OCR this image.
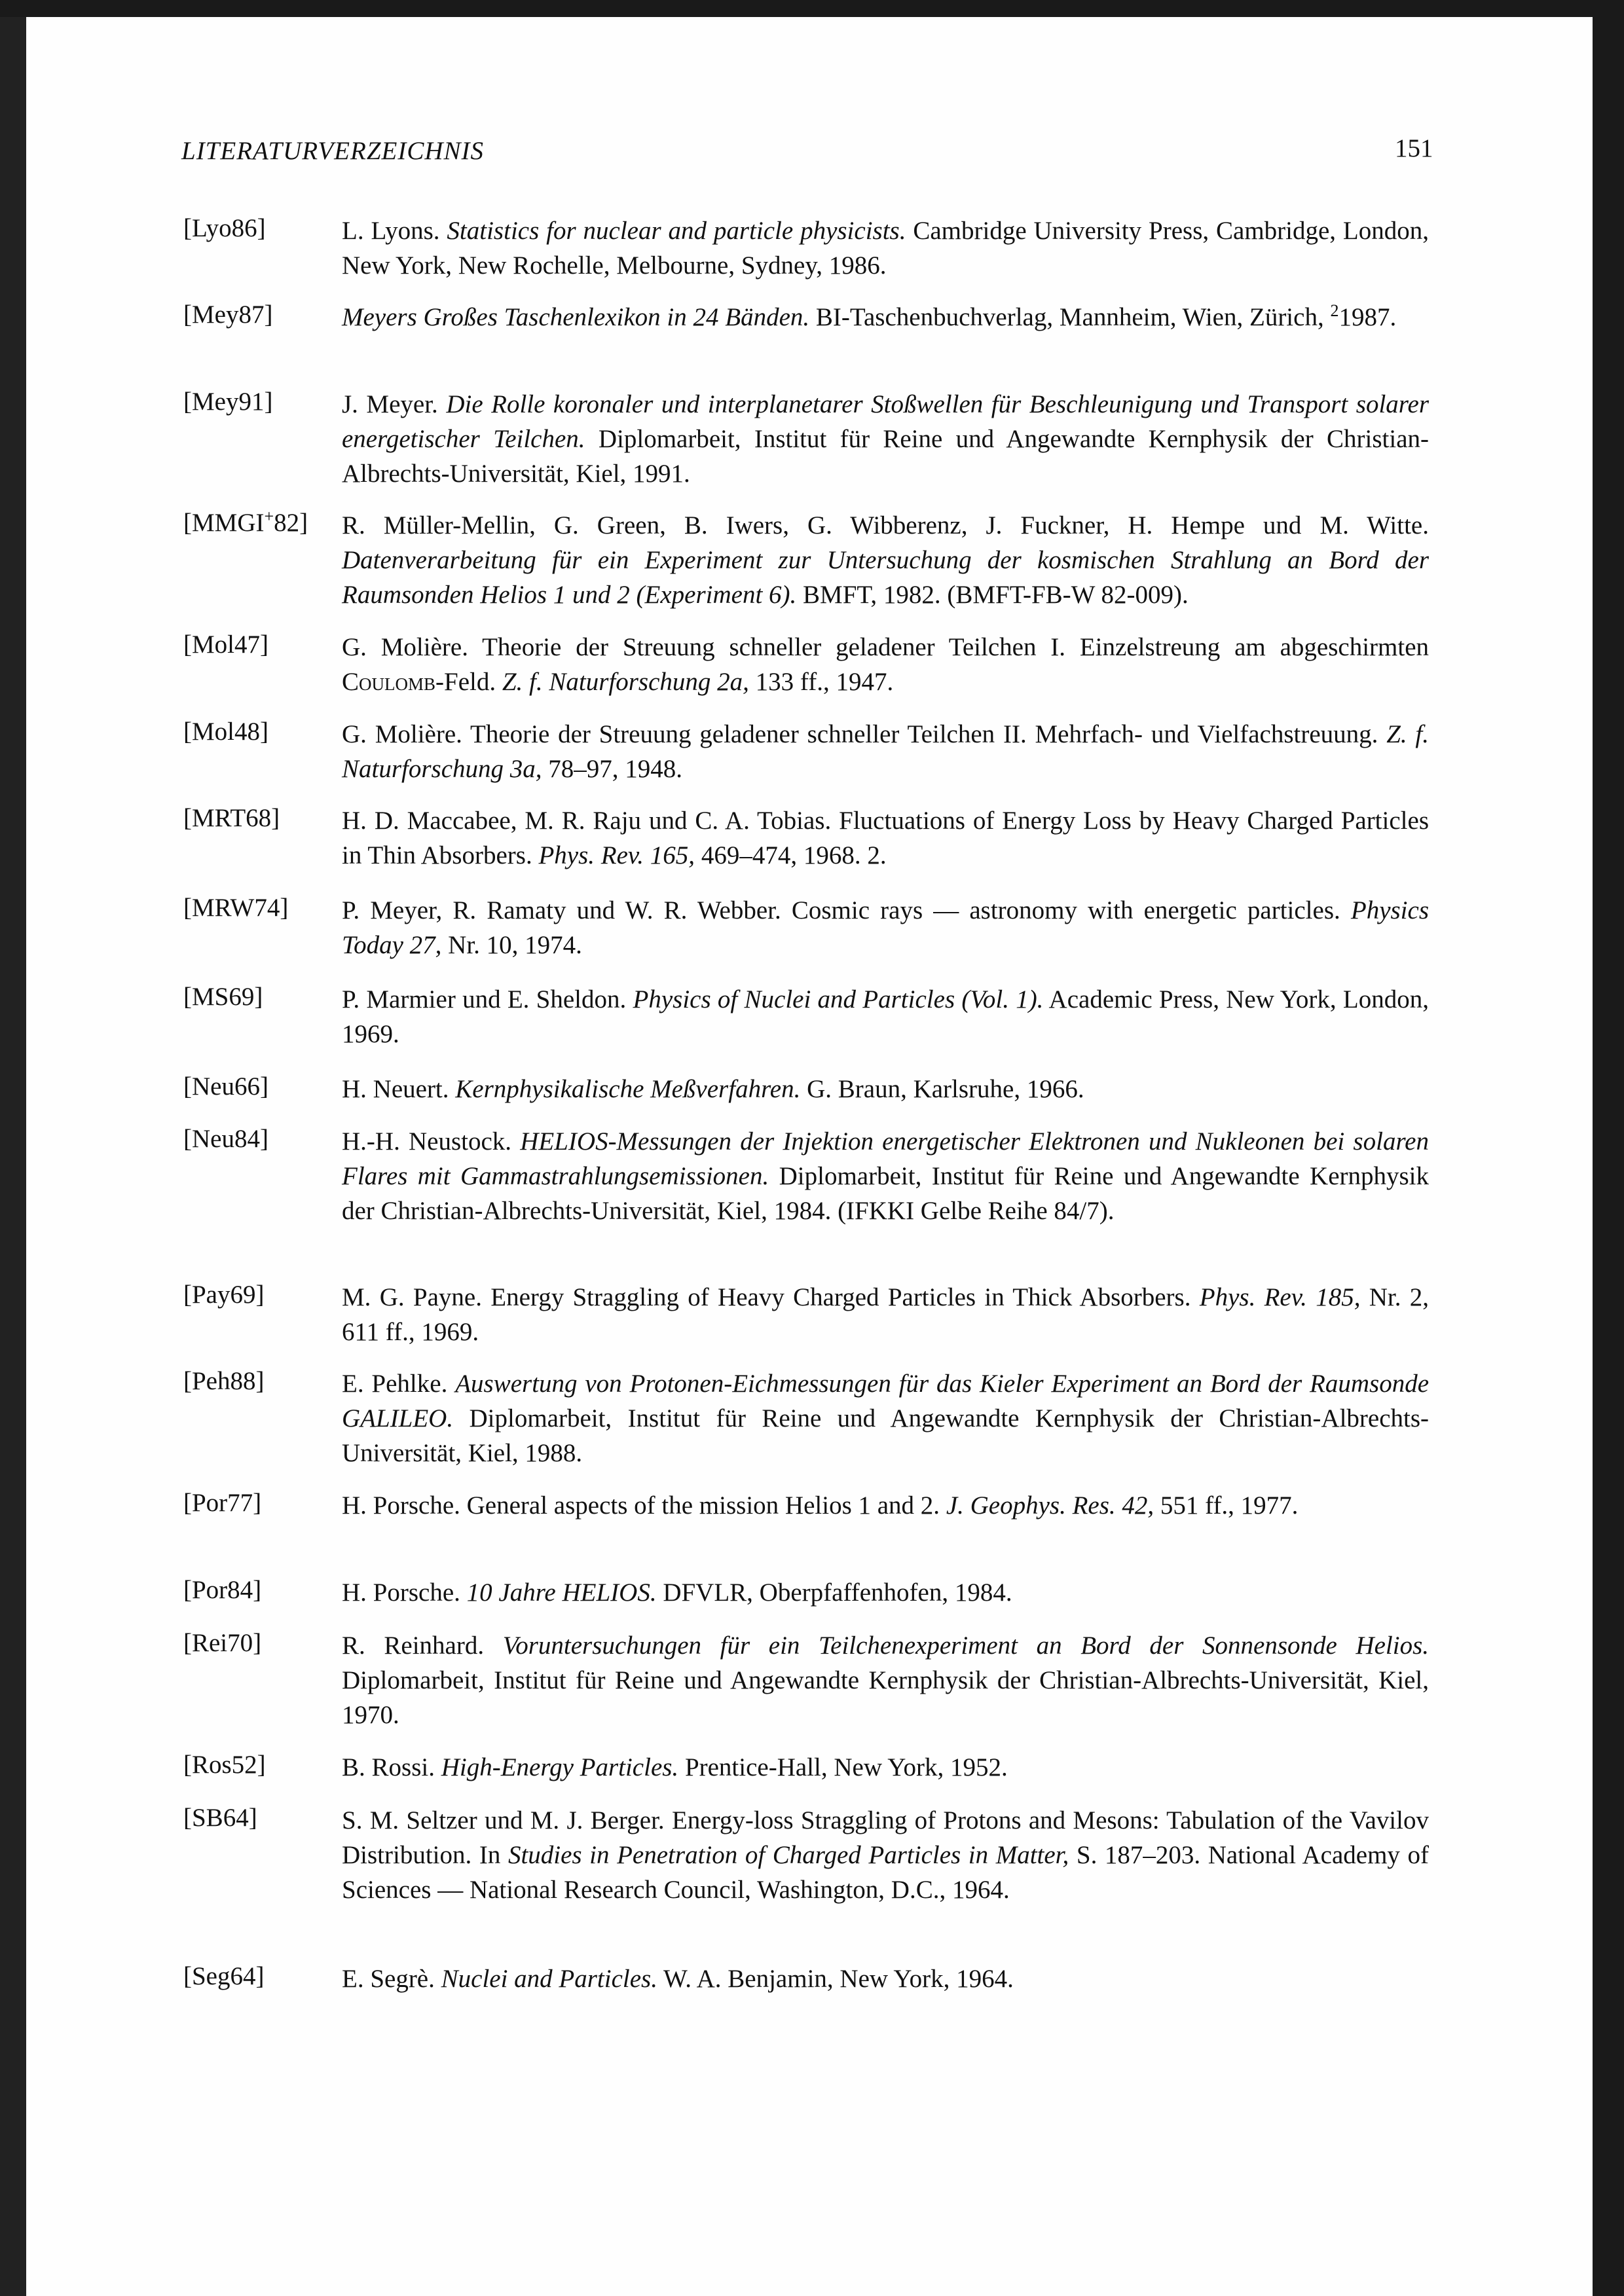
LITERATURVERZEICHNIS	151
[Lyo86]	L. Lyons. Statistics for nuclear and particle physicists. Cambridge University Press, Cambridge, London, New York, New Rochelle, Melbourne, Sydney, 1986.
[Mey87]	Meyers Großes Taschenlexikon in 24 Bänden. BI-Taschenbuchverlag, Mannheim, Wien, Zürich, $^2$1987.
[Mey91]	J. Meyer. Die Rolle koronaler und interplanetarer Stoßwellen für Beschleunigung und Transport solarer energetischer Teilchen. Diplomarbeit, Institut für Reine und Angewandte Kernphysik der Christian-Albrechts-Universität, Kiel, 1991.
[MMGI+82] R. Müller-Mellin, G. Green, B. Iwers, G. Wibberenz, J. Fuckner, H. Hempe und M. Witte. Datenverarbeitung für ein Experiment zur Untersuchung der kosmischen Strahlung an Bord der Raumsonden Helios 1 und 2 (Experiment 6). BMFT, 1982. (BMFT-FB-W 82-009).
[Mol47]	G. Molière. Theorie der Streuung schneller geladener Teilchen I. Einzelstreung am abgeschirmten Coulomb-Feld. Z. f. Naturforschung 2a, 133 ff., 1947.
[Mol48]	G. Molière. Theorie der Streuung geladener schneller Teilchen II. Mehrfach- und Vielfachstreuung. Z. f. Naturforschung 3a, 78–97, 1948.
[MRT68] H. D. Maccabee, M. R. Raju und C. A. Tobias. Fluctuations of Energy Loss by Heavy Charged Particles in Thin Absorbers. Phys. Rev. 165, 469–474, 1968. 2.
[MRW74] P. Meyer, R. Ramaty und W. R. Webber. Cosmic rays — astronomy with energetic particles. Physics Today 27, Nr. 10, 1974.
[MS69]	P. Marmier und E. Sheldon. Physics of Nuclei and Particles (Vol. 1). Academic Press, New York, London, 1969.
[Neu66]	H. Neuert. Kernphysikalische Meßverfahren. G. Braun, Karlsruhe, 1966.
[Neu84]	H.-H. Neustock. HELIOS-Messungen der Injektion energetischer Elektronen und Nukleonen bei solaren Flares mit Gammastrahlungsemissionen. Diplomarbeit, Institut für Reine und Angewandte Kernphysik der Christian-Albrechts-Universität, Kiel, 1984. (IFKKI Gelbe Reihe 84/7).
[Pay69]	M. G. Payne. Energy Straggling of Heavy Charged Particles in Thick Absorbers. Phys. Rev. 185, Nr. 2, 611 ff., 1969.
[Peh88]	E. Pehlke. Auswertung von Protonen-Eichmessungen für das Kieler Experiment an Bord der Raumsonde GALILEO. Diplomarbeit, Institut für Reine und Angewandte Kernphysik der Christian-Albrechts-Universität, Kiel, 1988.
[Por77]	H. Porsche. General aspects of the mission Helios 1 and 2. J. Geophys. Res. 42, 551 ff., 1977.
[Por84]	H. Porsche. 10 Jahre HELIOS. DFVLR, Oberpfaffenhofen, 1984.
[Rei70]	R. Reinhard. Voruntersuchungen für ein Teilchenexperiment an Bord der Sonnensonde Helios. Diplomarbeit, Institut für Reine und Angewandte Kernphysik der Christian-Albrechts-Universität, Kiel, 1970.
[Ros52]	B. Rossi. High-Energy Particles. Prentice-Hall, New York, 1952.
[SB64]	S. M. Seltzer und M. J. Berger. Energy-loss Straggling of Protons and Mesons: Tabulation of the Vavilov Distribution. In Studies in Penetration of Charged Particles in Matter, S. 187–203. National Academy of Sciences — National Research Council, Washington, D.C., 1964.
[Seg64]	E. Segrè. Nuclei and Particles. W. A. Benjamin, New York, 1964.
